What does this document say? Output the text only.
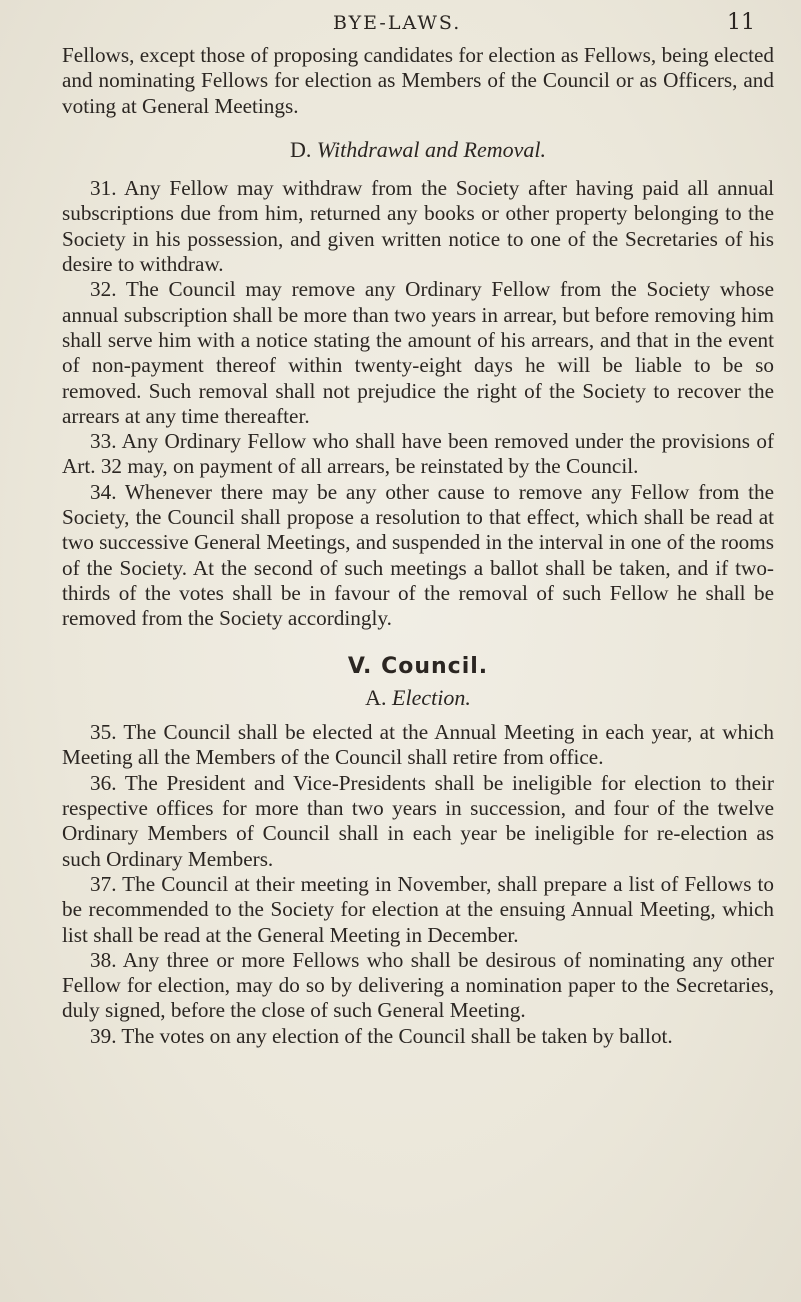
BYE-LAWS.	11

Fellows, except those of proposing candidates for election as Fellows, being elected and nominating Fellows for election as Members of the Council or as Officers, and voting at General Meetings.

D. Withdrawal and Removal.

31. Any Fellow may withdraw from the Society after having paid all annual subscriptions due from him, returned any books or other property belonging to the Society in his possession, and given written notice to one of the Secretaries of his desire to withdraw.

32. The Council may remove any Ordinary Fellow from the Society whose annual subscription shall be more than two years in arrear, but before removing him shall serve him with a notice stating the amount of his arrears, and that in the event of non-payment thereof within twenty-eight days he will be liable to be so removed. Such removal shall not prejudice the right of the Society to recover the arrears at any time thereafter.

33. Any Ordinary Fellow who shall have been removed under the provisions of Art. 32 may, on payment of all arrears, be reinstated by the Council.

34. Whenever there may be any other cause to remove any Fellow from the Society, the Council shall propose a resolution to that effect, which shall be read at two successive General Meetings, and suspended in the interval in one of the rooms of the Society. At the second of such meetings a ballot shall be taken, and if two-thirds of the votes shall be in favour of the removal of such Fellow he shall be removed from the Society accordingly.

V. Council.
A. Election.

35. The Council shall be elected at the Annual Meeting in each year, at which Meeting all the Members of the Council shall retire from office.

36. The President and Vice-Presidents shall be ineligible for election to their respective offices for more than two years in succession, and four of the twelve Ordinary Members of Council shall in each year be ineligible for re-election as such Ordinary Members.

37. The Council at their meeting in November, shall prepare a list of Fellows to be recommended to the Society for election at the ensuing Annual Meeting, which list shall be read at the General Meeting in December.

38. Any three or more Fellows who shall be desirous of nominating any other Fellow for election, may do so by delivering a nomination paper to the Secretaries, duly signed, before the close of such General Meeting.

39. The votes on any election of the Council shall be taken by ballot.
